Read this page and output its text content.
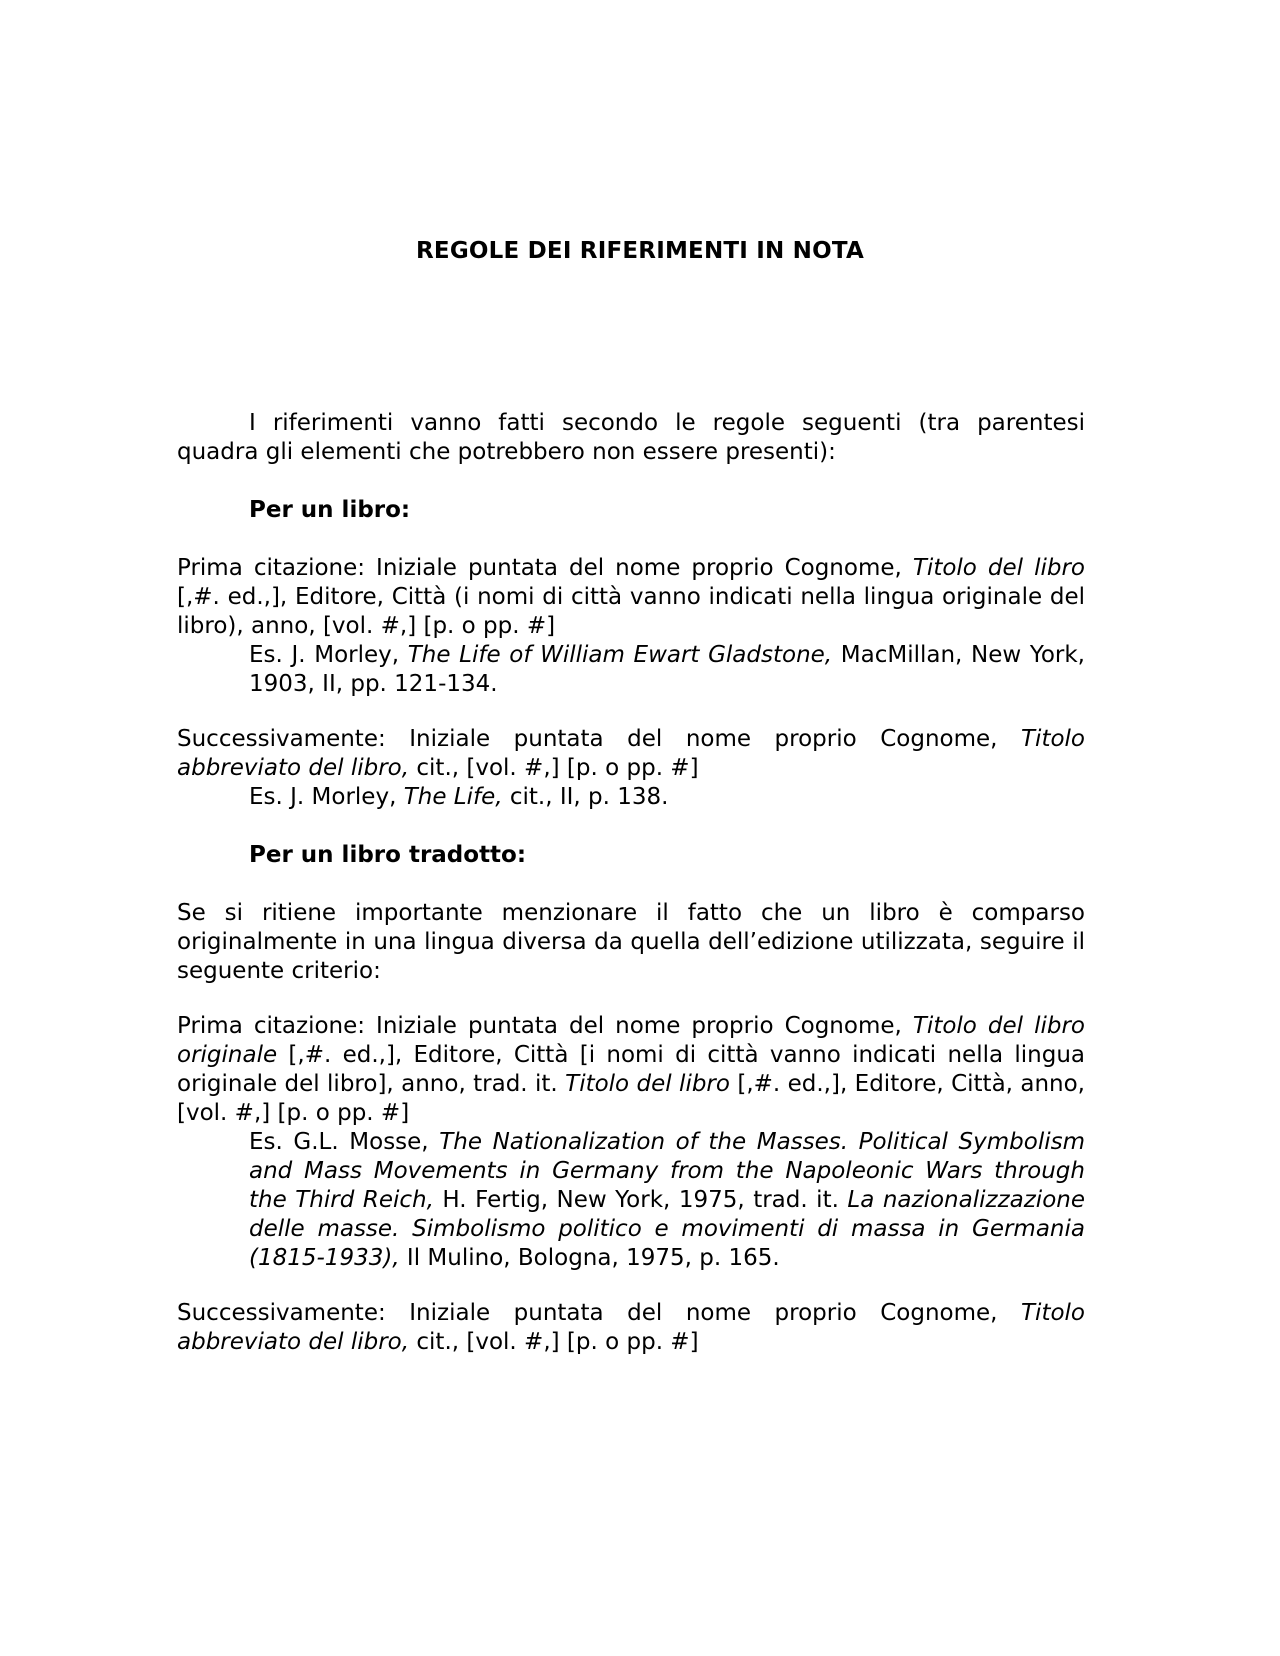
REGOLE DEI RIFERIMENTI IN NOTA

I riferimenti vanno fatti secondo le regole seguenti (tra parentesi quadra gli elementi che potrebbero non essere presenti):

Per un libro:

Prima citazione: Iniziale puntata del nome proprio Cognome, Titolo del libro [,#. ed.,], Editore, Città (i nomi di città vanno indicati nella lingua originale del libro), anno, [vol. #,] [p. o pp. #]

Es. J. Morley, The Life of William Ewart Gladstone, MacMillan, New York, 1903, II, pp. 121-134.

Successivamente: Iniziale puntata del nome proprio Cognome, Titolo abbreviato del libro, cit., [vol. #,] [p. o pp. #]

Es. J. Morley, The Life, cit., II, p. 138.

Per un libro tradotto:

Se si ritiene importante menzionare il fatto che un libro è comparso originalmente in una lingua diversa da quella dell’edizione utilizzata, seguire il seguente criterio:

Prima citazione: Iniziale puntata del nome proprio Cognome, Titolo del libro originale [,#. ed.,], Editore, Città [i nomi di città vanno indicati nella lingua originale del libro], anno, trad. it. Titolo del libro [,#. ed.,], Editore, Città, anno, [vol. #,] [p. o pp. #]

Es. G.L. Mosse, The Nationalization of the Masses. Political Symbolism and Mass Movements in Germany from the Napoleonic Wars through the Third Reich, H. Fertig, New York, 1975, trad. it. La nazionalizzazione delle masse. Simbolismo politico e movimenti di massa in Germania (1815-1933), Il Mulino, Bologna, 1975, p. 165.

Successivamente: Iniziale puntata del nome proprio Cognome, Titolo abbreviato del libro, cit., [vol. #,] [p. o pp. #]
